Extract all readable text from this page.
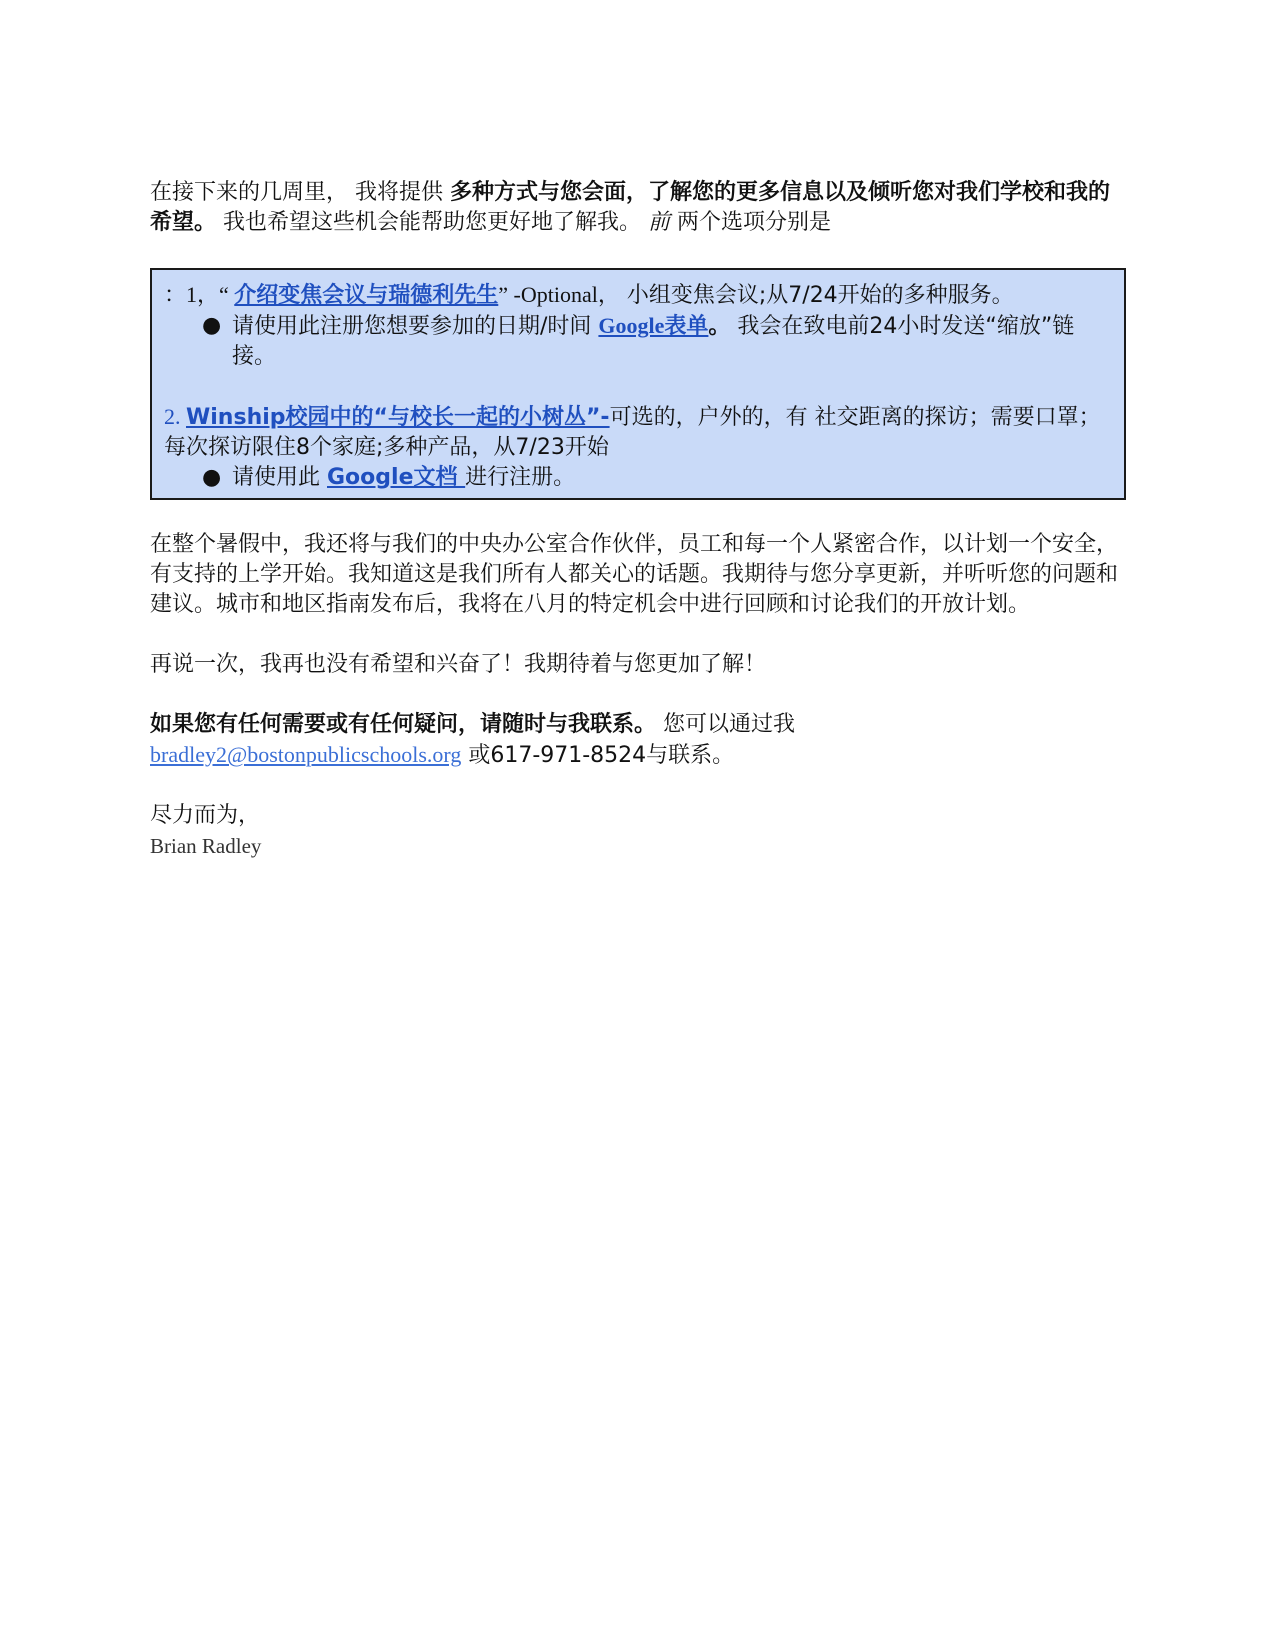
在接下来的几周里， 我将提供 多种方式与您会面，了解您的更多信息以及倾听您对我们学校和我的希望。 我也希望这些机会能帮助您更好地了解我。 前 两个选项分别是

：1，“ 介绍变焦会议与瑞德利先生” -Optional， 小组变焦会议;从7/24开始的多种服务。

● 请使用此注册您想要参加的日期/时间 Google表单。 我会在致电前24小时发送“缩放”链接。

2. Winship校园中的“与校长一起的小树丛”-可选的，户外的，有 社交距离的探访；需要口罩；每次探访限住8个家庭;多种产品，从7/23开始

● 请使用此 Google文档 进行注册。

在整个暑假中，我还将与我们的中央办公室合作伙伴，员工和每一个人紧密合作，以计划一个安全，有支持的上学开始。我知道这是我们所有人都关心的话题。我期待与您分享更新，并听听您的问题和建议。城市和地区指南发布后，我将在八月的特定机会中进行回顾和讨论我们的开放计划。

再说一次，我再也没有希望和兴奋了！我期待着与您更加了解！

如果您有任何需要或有任何疑问，请随时与我联系。 您可以通过我
bradley2@bostonpublicschools.org 或617-971-8524与联系。

尽力而为，

Brian Radley
